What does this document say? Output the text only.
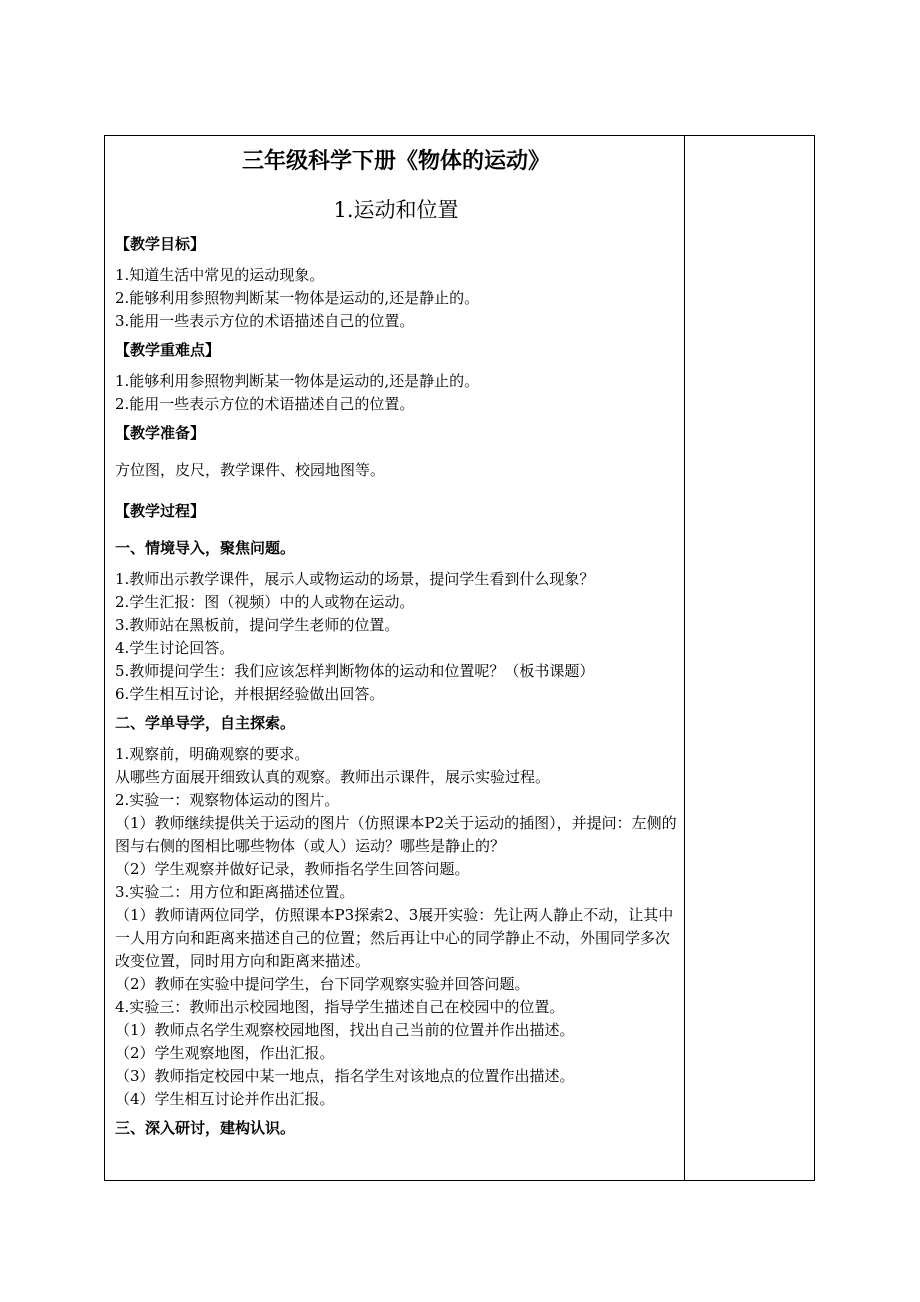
三年级科学下册《物体的运动》
1.运动和位置
【教学目标】
1.知道生活中常见的运动现象。
2.能够利用参照物判断某一物体是运动的,还是静止的。
3.能用一些表示方位的术语描述自己的位置。
【教学重难点】
1.能够利用参照物判断某一物体是运动的,还是静止的。
2.能用一些表示方位的术语描述自己的位置。
【教学准备】
方位图，皮尺，教学课件、校园地图等。
【教学过程】
一、情境导入，聚焦问题。
1.教师出示教学课件，展示人或物运动的场景，提问学生看到什么现象？
2.学生汇报：图（视频）中的人或物在运动。
3.教师站在黑板前，提问学生老师的位置。
4.学生讨论回答。
5.教师提问学生：我们应该怎样判断物体的运动和位置呢？（板书课题）
6.学生相互讨论，并根据经验做出回答。
二、学单导学，自主探索。
1.观察前，明确观察的要求。
从哪些方面展开细致认真的观察。教师出示课件，展示实验过程。
2.实验一：观察物体运动的图片。
（1）教师继续提供关于运动的图片（仿照课本P2关于运动的插图），并提问：左侧的图与右侧的图相比哪些物体（或人）运动？哪些是静止的？
（2）学生观察并做好记录，教师指名学生回答问题。
3.实验二：用方位和距离描述位置。
（1）教师请两位同学，仿照课本P3探索2、3展开实验：先让两人静止不动，让其中一人用方向和距离来描述自己的位置；然后再让中心的同学静止不动，外围同学多次改变位置，同时用方向和距离来描述。
（2）教师在实验中提问学生，台下同学观察实验并回答问题。
4.实验三：教师出示校园地图，指导学生描述自己在校园中的位置。
（1）教师点名学生观察校园地图，找出自己当前的位置并作出描述。
（2）学生观察地图，作出汇报。
（3）教师指定校园中某一地点，指名学生对该地点的位置作出描述。
（4）学生相互讨论并作出汇报。
三、深入研讨，建构认识。
